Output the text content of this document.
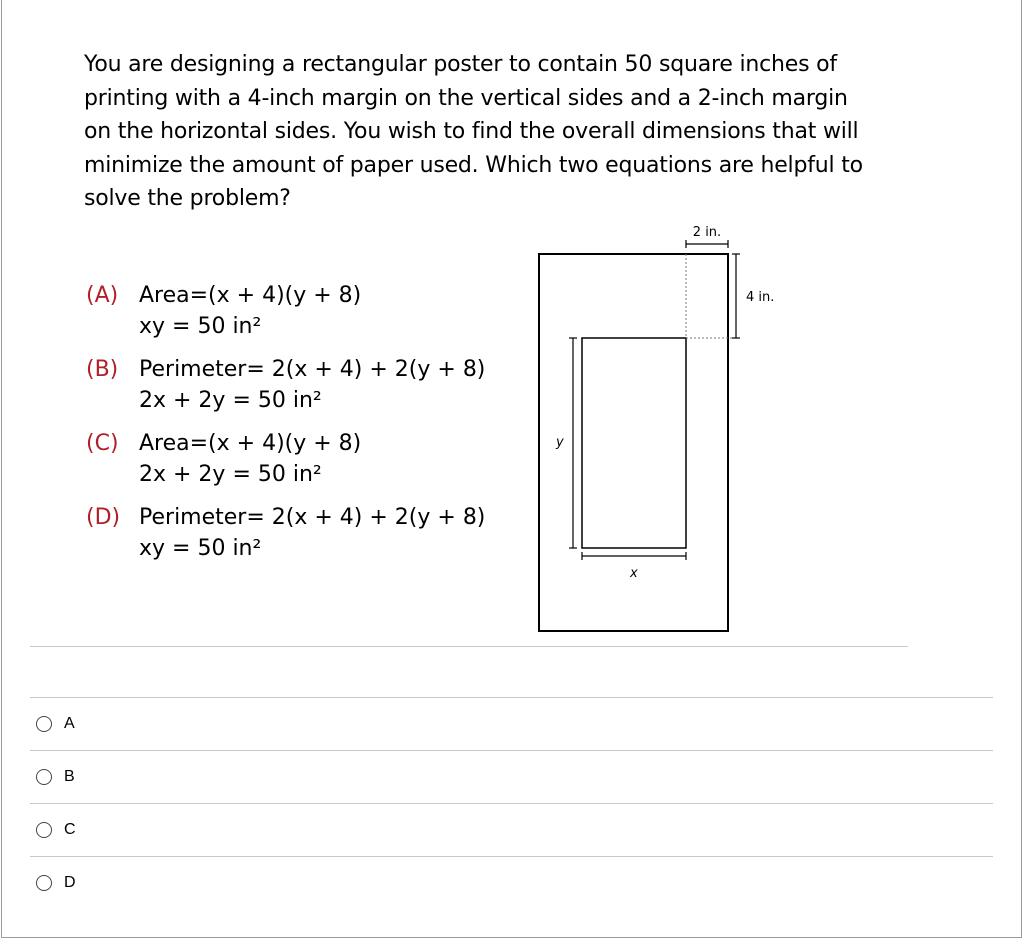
You are designing a rectangular poster to contain 50 square inches of printing with a 4-inch margin on the vertical sides and a 2-inch margin on the horizontal sides. You wish to find the overall dimensions that will minimize the amount of paper used. Which two equations are helpful to solve the problem?
(A) Area=(x + 4)(y + 8)
xy = 50 in²
(B) Perimeter= 2(x + 4) + 2(y + 8)
2x + 2y = 50 in²
(C) Area=(x + 4)(y + 8)
2x + 2y = 50 in²
(D) Perimeter= 2(x + 4) + 2(y + 8)
xy = 50 in²
2 in.
4 in.
y
x
A
B
C
D
